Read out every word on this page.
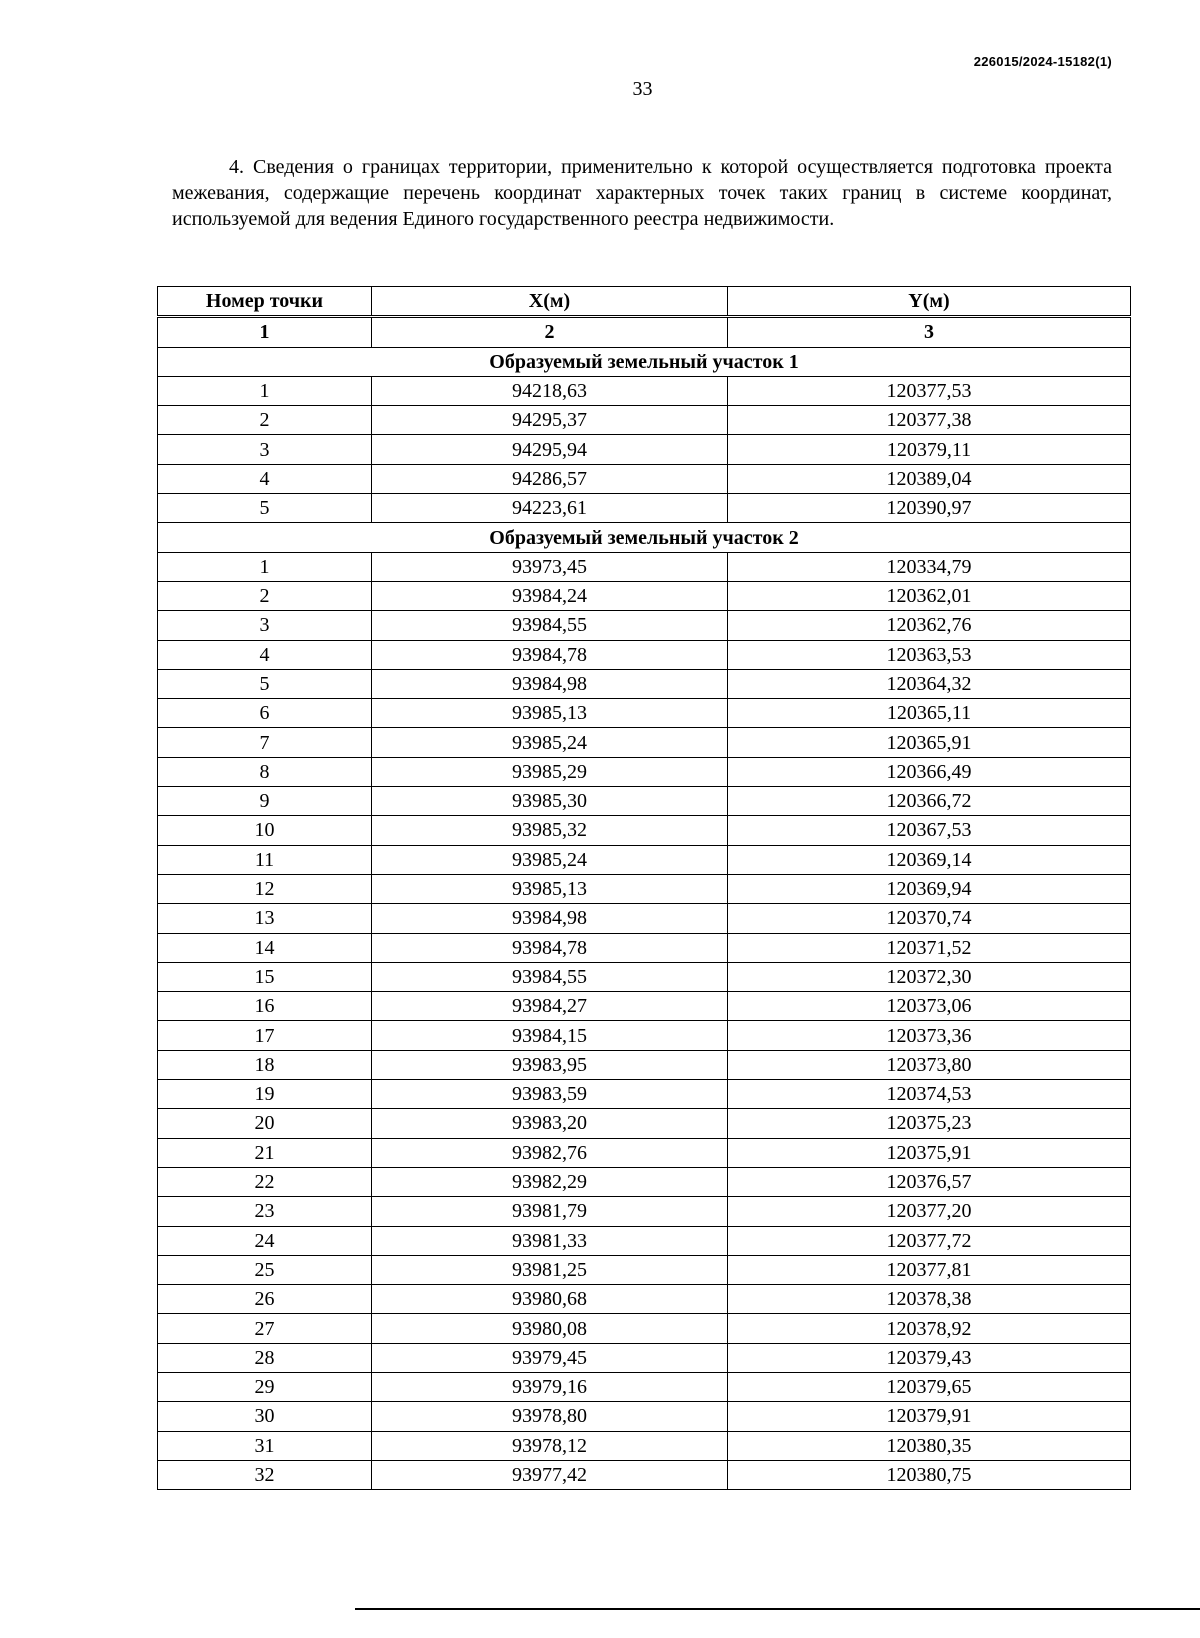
226015/2024-15182(1)
33

4. Сведения о границах территории, применительно к которой осуществляется подготовка проекта межевания, содержащие перечень координат характерных точек таких границ в системе координат, используемой для ведения Единого государственного реестра недвижимости.

Номер точки	X(м)	Y(м)
1	2	3
Образуемый земельный участок 1		
1	94218,63	120377,53
2	94295,37	120377,38
3	94295,94	120379,11
4	94286,57	120389,04
5	94223,61	120390,97
Образуемый земельный участок 2		
1	93973,45	120334,79
2	93984,24	120362,01
3	93984,55	120362,76
4	93984,78	120363,53
5	93984,98	120364,32
6	93985,13	120365,11
7	93985,24	120365,91
8	93985,29	120366,49
9	93985,30	120366,72
10	93985,32	120367,53
11	93985,24	120369,14
12	93985,13	120369,94
13	93984,98	120370,74
14	93984,78	120371,52
15	93984,55	120372,30
16	93984,27	120373,06
17	93984,15	120373,36
18	93983,95	120373,80
19	93983,59	120374,53
20	93983,20	120375,23
21	93982,76	120375,91
22	93982,29	120376,57
23	93981,79	120377,20
24	93981,33	120377,72
25	93981,25	120377,81
26	93980,68	120378,38
27	93980,08	120378,92
28	93979,45	120379,43
29	93979,16	120379,65
30	93978,80	120379,91
31	93978,12	120380,35
32	93977,42	120380,75
